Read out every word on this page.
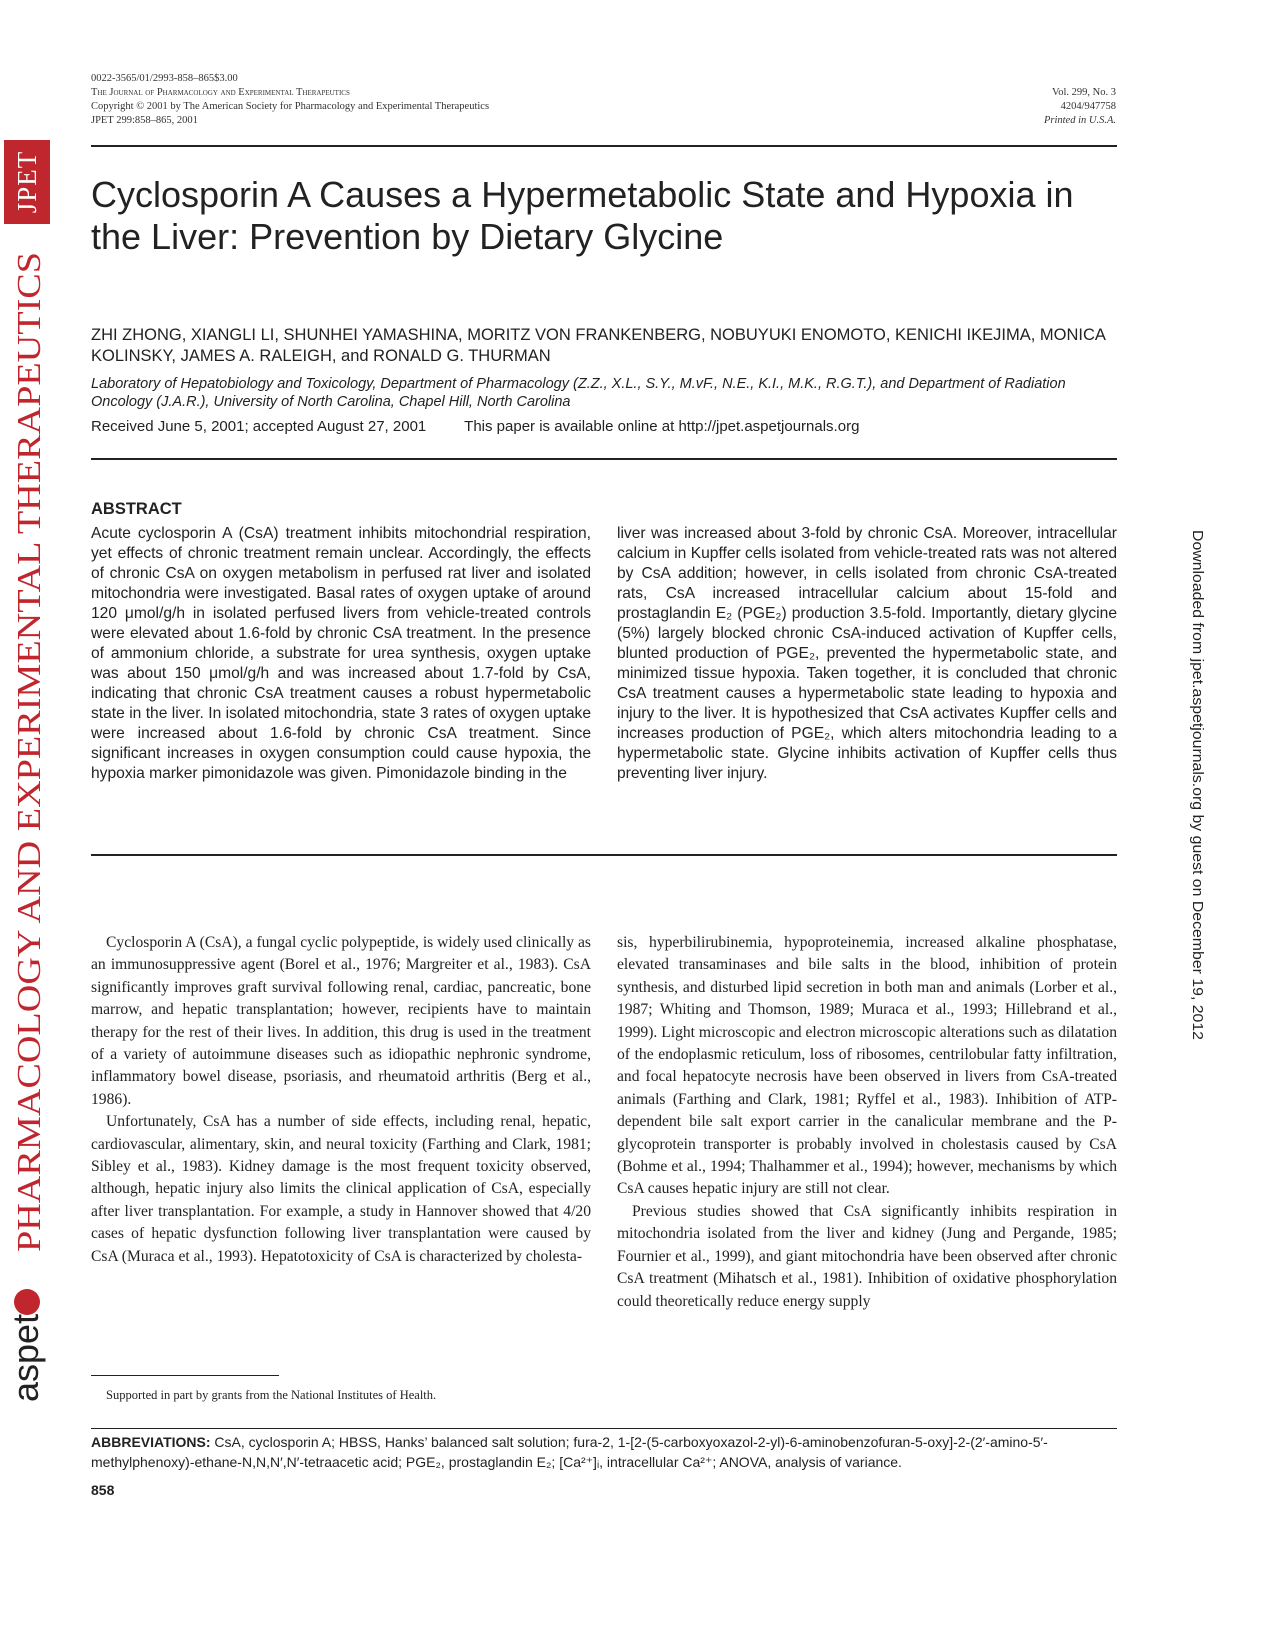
JPET
PHARMACOLOGY AND EXPERIMENTAL THERAPEUTICS
aspet
0022-3565/01/2993-858–865$3.00
The Journal of Pharmacology and Experimental Therapeutics
Copyright © 2001 by The American Society for Pharmacology and Experimental Therapeutics
JPET 299:858–865, 2001
Vol. 299, No. 3
4204/947758
Printed in U.S.A.
Cyclosporin A Causes a Hypermetabolic State and Hypoxia in the Liver: Prevention by Dietary Glycine
ZHI ZHONG, XIANGLI LI, SHUNHEI YAMASHINA, MORITZ VON FRANKENBERG, NOBUYUKI ENOMOTO, KENICHI IKEJIMA, MONICA KOLINSKY, JAMES A. RALEIGH, and RONALD G. THURMAN
Laboratory of Hepatobiology and Toxicology, Department of Pharmacology (Z.Z., X.L., S.Y., M.vF., N.E., K.I., M.K., R.G.T.), and Department of Radiation Oncology (J.A.R.), University of North Carolina, Chapel Hill, North Carolina
Received June 5, 2001; accepted August 27, 2001	This paper is available online at http://jpet.aspetjournals.org
ABSTRACT

Acute cyclosporin A (CsA) treatment inhibits mitochondrial respiration, yet effects of chronic treatment remain unclear. Accordingly, the effects of chronic CsA on oxygen metabolism in perfused rat liver and isolated mitochondria were investigated. Basal rates of oxygen uptake of around 120 μmol/g/h in isolated perfused livers from vehicle-treated controls were elevated about 1.6-fold by chronic CsA treatment. In the presence of ammonium chloride, a substrate for urea synthesis, oxygen uptake was about 150 μmol/g/h and was increased about 1.7-fold by CsA, indicating that chronic CsA treatment causes a robust hypermetabolic state in the liver. In isolated mitochondria, state 3 rates of oxygen uptake were increased about 1.6-fold by chronic CsA treatment. Since significant increases in oxygen consumption could cause hypoxia, the hypoxia marker pimonidazole was given. Pimonidazole binding in the

liver was increased about 3-fold by chronic CsA. Moreover, intracellular calcium in Kupffer cells isolated from vehicle-treated rats was not altered by CsA addition; however, in cells isolated from chronic CsA-treated rats, CsA increased intracellular calcium about 15-fold and prostaglandin E₂ (PGE₂) production 3.5-fold. Importantly, dietary glycine (5%) largely blocked chronic CsA-induced activation of Kupffer cells, blunted production of PGE₂, prevented the hypermetabolic state, and minimized tissue hypoxia. Taken together, it is concluded that chronic CsA treatment causes a hypermetabolic state leading to hypoxia and injury to the liver. It is hypothesized that CsA activates Kupffer cells and increases production of PGE₂, which alters mitochondria leading to a hypermetabolic state. Glycine inhibits activation of Kupffer cells thus preventing liver injury.

Cyclosporin A (CsA), a fungal cyclic polypeptide, is widely used clinically as an immunosuppressive agent (Borel et al., 1976; Margreiter et al., 1983). CsA significantly improves graft survival following renal, cardiac, pancreatic, bone marrow, and hepatic transplantation; however, recipients have to maintain therapy for the rest of their lives. In addition, this drug is used in the treatment of a variety of autoimmune diseases such as idiopathic nephronic syndrome, inflammatory bowel disease, psoriasis, and rheumatoid arthritis (Berg et al., 1986).

Unfortunately, CsA has a number of side effects, including renal, hepatic, cardiovascular, alimentary, skin, and neural toxicity (Farthing and Clark, 1981; Sibley et al., 1983). Kidney damage is the most frequent toxicity observed, although, hepatic injury also limits the clinical application of CsA, especially after liver transplantation. For example, a study in Hannover showed that 4/20 cases of hepatic dysfunction following liver transplantation were caused by CsA (Muraca et al., 1993). Hepatotoxicity of CsA is characterized by cholesta-

sis, hyperbilirubinemia, hypoproteinemia, increased alkaline phosphatase, elevated transaminases and bile salts in the blood, inhibition of protein synthesis, and disturbed lipid secretion in both man and animals (Lorber et al., 1987; Whiting and Thomson, 1989; Muraca et al., 1993; Hillebrand et al., 1999). Light microscopic and electron microscopic alterations such as dilatation of the endoplasmic reticulum, loss of ribosomes, centrilobular fatty infiltration, and focal hepatocyte necrosis have been observed in livers from CsA-treated animals (Farthing and Clark, 1981; Ryffel et al., 1983). Inhibition of ATP-dependent bile salt export carrier in the canalicular membrane and the P-glycoprotein transporter is probably involved in cholestasis caused by CsA (Bohme et al., 1994; Thalhammer et al., 1994); however, mechanisms by which CsA causes hepatic injury are still not clear.

Previous studies showed that CsA significantly inhibits respiration in mitochondria isolated from the liver and kidney (Jung and Pergande, 1985; Fournier et al., 1999), and giant mitochondria have been observed after chronic CsA treatment (Mihatsch et al., 1981). Inhibition of oxidative phosphorylation could theoretically reduce energy supply

Supported in part by grants from the National Institutes of Health.
ABBREVIATIONS: CsA, cyclosporin A; HBSS, Hanks’ balanced salt solution; fura-2, 1-[2-(5-carboxyoxazol-2-yl)-6-aminobenzofuran-5-oxy]-2-(2′-amino-5′-methylphenoxy)-ethane-N,N,N′,N′-tetraacetic acid; PGE₂, prostaglandin E₂; [Ca²⁺]ᵢ, intracellular Ca²⁺; ANOVA, analysis of variance.
858
Downloaded from jpet.aspetjournals.org by guest on December 19, 2012
